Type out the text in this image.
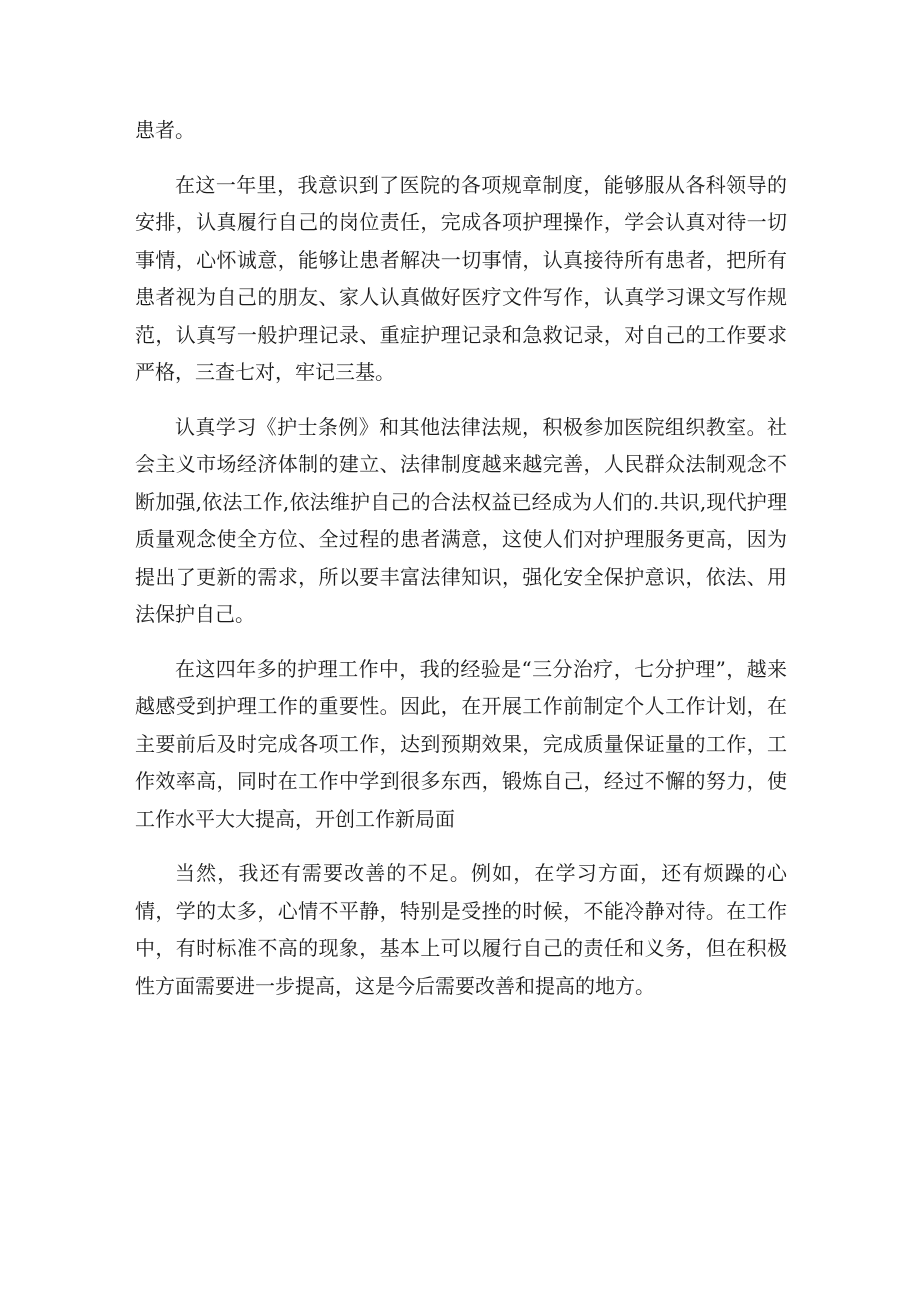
患者。

在这一年里，我意识到了医院的各项规章制度，能够服从各科领导的安排，认真履行自己的岗位责任，完成各项护理操作，学会认真对待一切事情，心怀诚意，能够让患者解决一切事情，认真接待所有患者，把所有患者视为自己的朋友、家人认真做好医疗文件写作，认真学习课文写作规范，认真写一般护理记录、重症护理记录和急救记录，对自己的工作要求严格，三查七对，牢记三基。

认真学习《护士条例》和其他法律法规，积极参加医院组织教室。社会主义市场经济体制的建立、法律制度越来越完善，人民群众法制观念不断加强,依法工作,依法维护自己的合法权益已经成为人们的.共识,现代护理质量观念使全方位、全过程的患者满意，这使人们对护理服务更高，因为提出了更新的需求，所以要丰富法律知识，强化安全保护意识，依法、用法保护自己。

在这四年多的护理工作中，我的经验是“三分治疗，七分护理”，越来越感受到护理工作的重要性。因此，在开展工作前制定个人工作计划，在主要前后及时完成各项工作，达到预期效果，完成质量保证量的工作，工作效率高，同时在工作中学到很多东西，锻炼自己，经过不懈的努力，使工作水平大大提高，开创工作新局面

当然，我还有需要改善的不足。例如，在学习方面，还有烦躁的心情，学的太多，心情不平静，特别是受挫的时候，不能冷静对待。在工作中，有时标准不高的现象，基本上可以履行自己的责任和义务，但在积极性方面需要进一步提高，这是今后需要改善和提高的地方。
